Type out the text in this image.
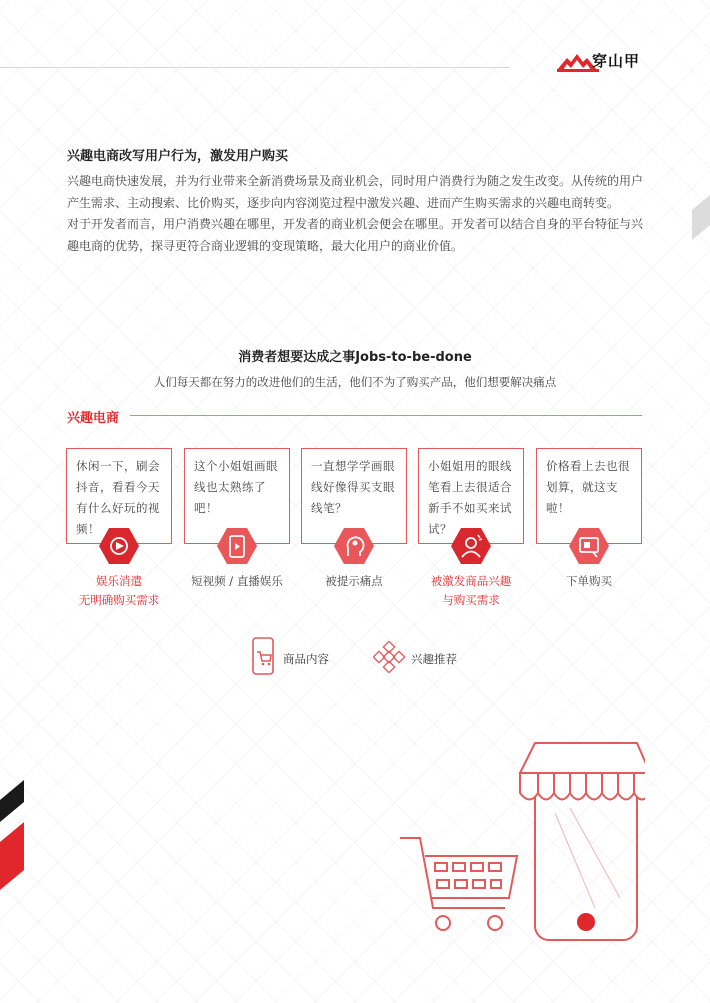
穿山甲
兴趣电商改写用户行为，激发用户购买

兴趣电商快速发展，并为行业带来全新消费场景及商业机会，同时用户消费行为随之发生改变。从传统的用户产生需求、主动搜索、比价购买，逐步向内容浏览过程中激发兴趣、进而产生购买需求的兴趣电商转变。

对于开发者而言，用户消费兴趣在哪里，开发者的商业机会便会在哪里。开发者可以结合自身的平台特征与兴趣电商的优势，探寻更符合商业逻辑的变现策略，最大化用户的商业价值。

消费者想要达成之事Jobs-to-be-done
人们每天都在努力的改进他们的生活，他们不为了购买产品，他们想要解决痛点
兴趣电商
休闲一下，刷会抖音，看看今天有什么好玩的视频！
这个小姐姐画眼线也太熟练了吧！
一直想学学画眼线好像得买支眼线笔？
小姐姐用的眼线笔看上去很适合新手不如买来试试？
价格看上去也很划算，就这支啦！
娱乐消遣
无明确购买需求
短视频 / 直播娱乐	被提示痛点	被激发商品兴趣
与购买需求
下单购买
商品内容	兴趣推荐
